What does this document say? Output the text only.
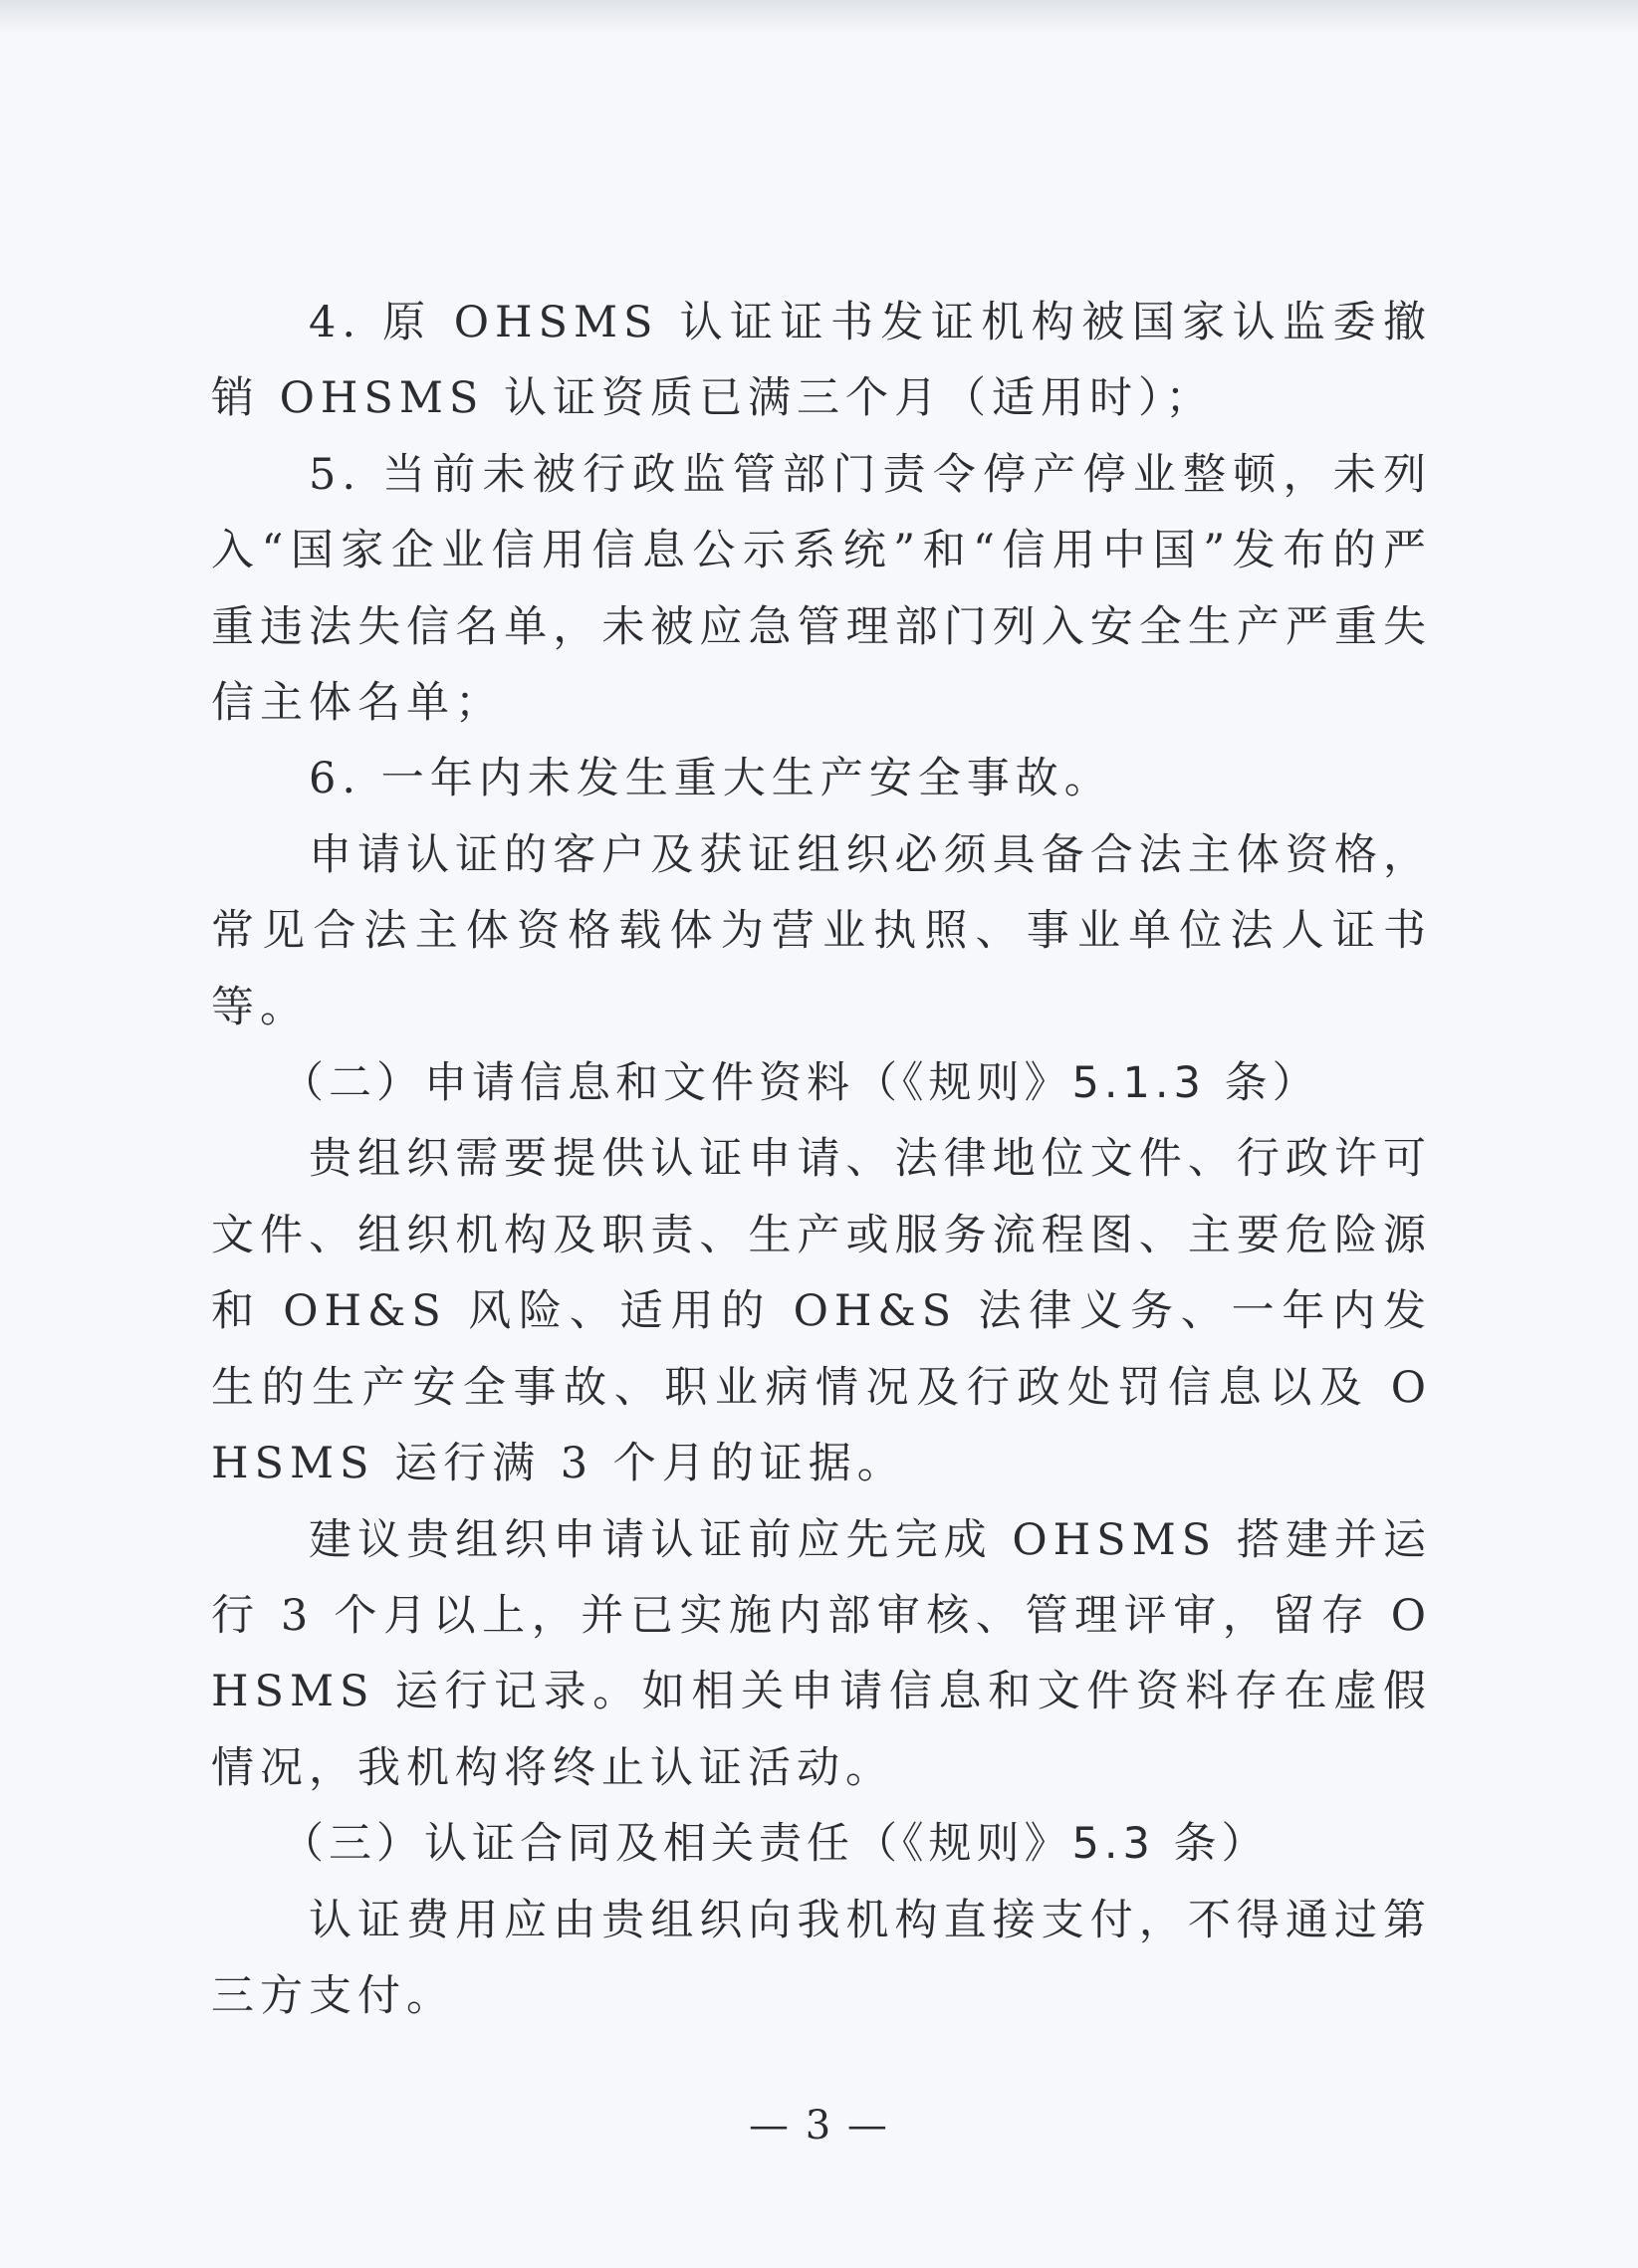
4. 原 OHSMS 认证证书发证机构被国家认监委撤销 OHSMS 认证资质已满三个月（适用时）；

5. 当前未被行政监管部门责令停产停业整顿，未列入“国家企业信用信息公示系统”和“信用中国”发布的严重违法失信名单，未被应急管理部门列入安全生产严重失信主体名单；

6. 一年内未发生重大生产安全事故。

申请认证的客户及获证组织必须具备合法主体资格，常见合法主体资格载体为营业执照、事业单位法人证书等。

（二）申请信息和文件资料（《规则》5.1.3 条）

贵组织需要提供认证申请、法律地位文件、行政许可文件、组织机构及职责、生产或服务流程图、主要危险源和 OH&S 风险、适用的 OH&S 法律义务、一年内发生的生产安全事故、职业病情况及行政处罚信息以及 OHSMS 运行满 3 个月的证据。

建议贵组织申请认证前应先完成 OHSMS 搭建并运行 3 个月以上，并已实施内部审核、管理评审，留存 OHSMS 运行记录。如相关申请信息和文件资料存在虚假情况，我机构将终止认证活动。

（三）认证合同及相关责任（《规则》5.3 条）

认证费用应由贵组织向我机构直接支付，不得通过第三方支付。

— 3 —
